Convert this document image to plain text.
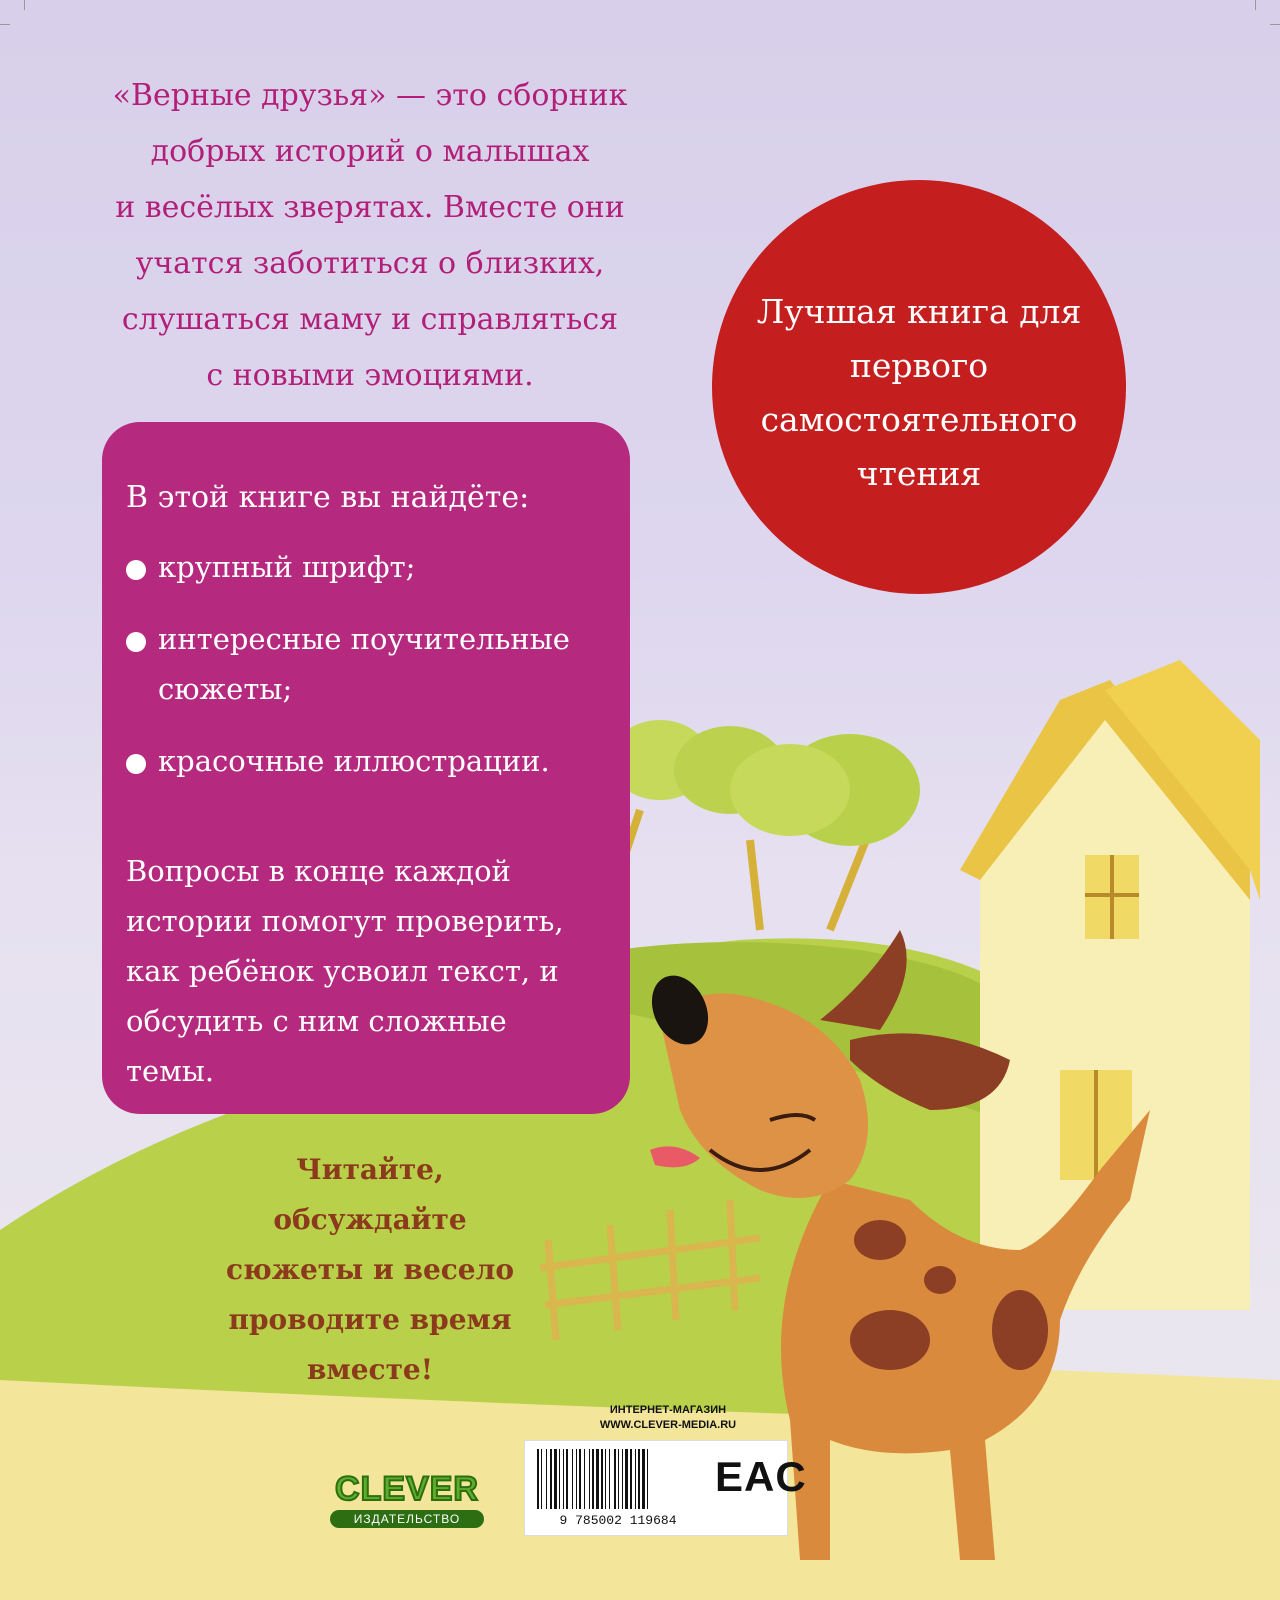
«Верные друзья» — это сборник

добрых историй о малышах

и весёлых зверятах. Вместе они

учатся заботиться о близких,

слушаться маму и справляться

с новыми эмоциями.

Лучшая книга для первого самостоятельного чтения
В этой книге вы найдёте:
крупный шрифт;
интересные поучительные сюжеты;
красочные иллюстрации.
Вопросы в конце каждой истории помогут проверить, как ребёнок усвоил текст, и обсудить с ним сложные темы.
Читайте, обсуждайте сюжеты и весело проводите время вместе!
ИНТЕРНЕТ-МАГАЗИН
WWW.CLEVER-MEDIA.RU
9 785002 119684
EAC
CLEVER
ИЗДАТЕЛЬСТВО
